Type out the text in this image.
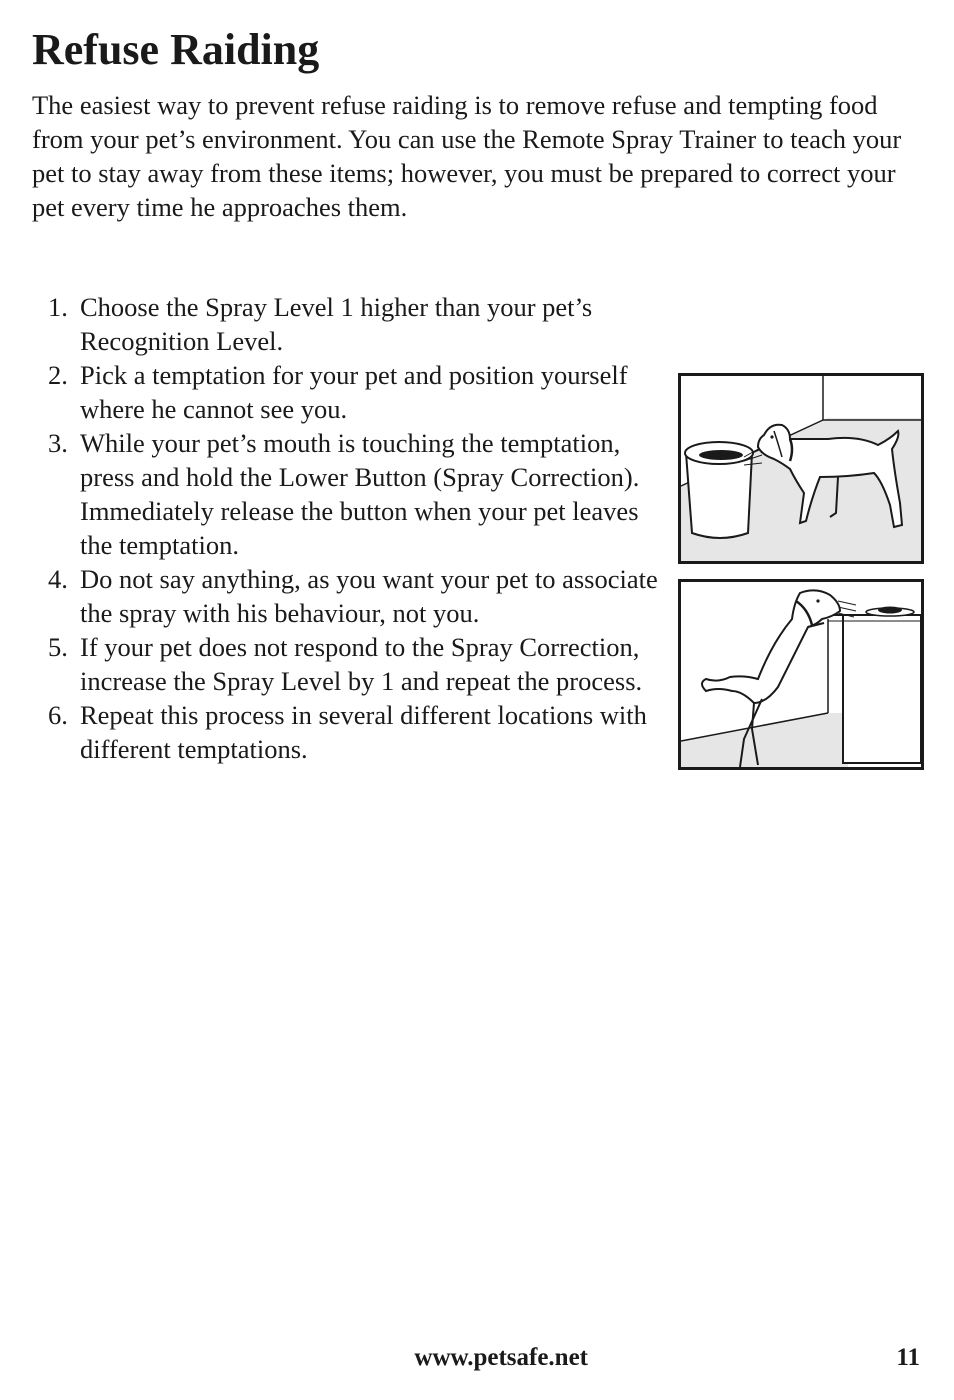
Refuse Raiding

The easiest way to prevent refuse raiding is to remove refuse and tempting food from your pet’s environment. You can use the Remote Spray Trainer to teach your pet to stay away from these items; however, you must be prepared to correct your pet every time he approaches them.

1. Choose the Spray Level 1 higher than your pet’s Recognition Level.
2. Pick a temptation for your pet and position yourself where he cannot see you.
3. While your pet’s mouth is touching the temptation, press and hold the Lower Button (Spray Correction). Immediately release the button when your pet leaves the temptation.
4. Do not say anything, as you want your pet to associate the spray with his behaviour, not you.
5. If your pet does not respond to the Spray Correction, increase the Spray Level by 1 and repeat the process.
6. Repeat this process in several different locations with different temptations.
www.petsafe.net	11
